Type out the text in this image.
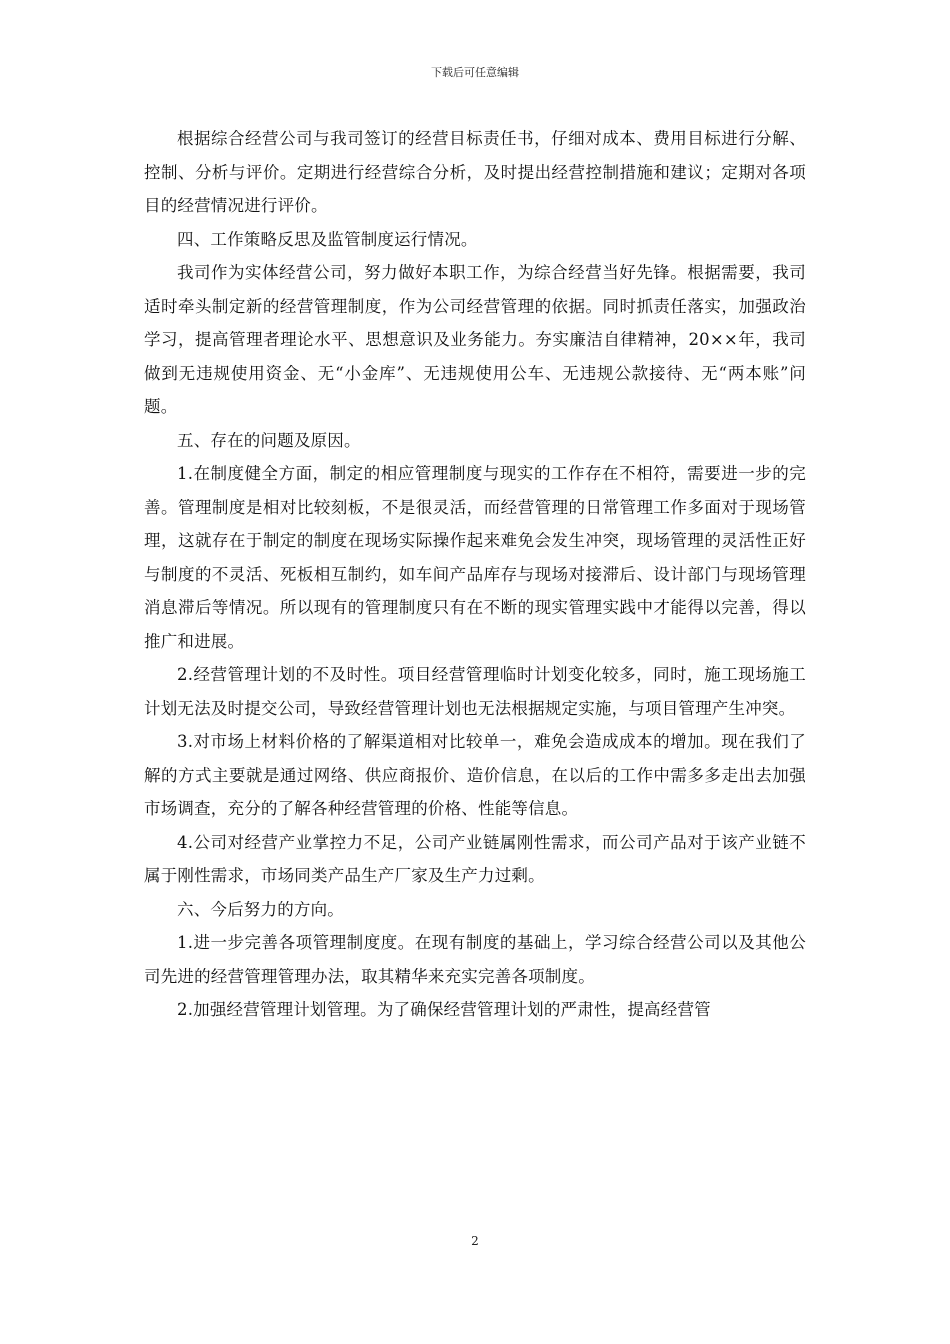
下载后可任意编辑

根据综合经营公司与我司签订的经营目标责任书，仔细对成本、费用目标进行分解、控制、分析与评价。定期进行经营综合分析，及时提出经营控制措施和建议；定期对各项目的经营情况进行评价。

四、工作策略反思及监管制度运行情况。

我司作为实体经营公司，努力做好本职工作，为综合经营当好先锋。根据需要，我司适时牵头制定新的经营管理制度，作为公司经营管理的依据。同时抓责任落实，加强政治学习，提高管理者理论水平、思想意识及业务能力。夯实廉洁自律精神，20××年，我司做到无违规使用资金、无“小金库”、无违规使用公车、无违规公款接待、无“两本账”问题。

五、存在的问题及原因。

1.在制度健全方面，制定的相应管理制度与现实的工作存在不相符，需要进一步的完善。管理制度是相对比较刻板，不是很灵活，而经营管理的日常管理工作多面对于现场管理，这就存在于制定的制度在现场实际操作起来难免会发生冲突，现场管理的灵活性正好与制度的不灵活、死板相互制约，如车间产品库存与现场对接滞后、设计部门与现场管理消息滞后等情况。所以现有的管理制度只有在不断的现实管理实践中才能得以完善，得以推广和进展。

2.经营管理计划的不及时性。项目经营管理临时计划变化较多，同时，施工现场施工计划无法及时提交公司，导致经营管理计划也无法根据规定实施，与项目管理产生冲突。

3.对市场上材料价格的了解渠道相对比较单一，难免会造成成本的增加。现在我们了解的方式主要就是通过网络、供应商报价、造价信息，在以后的工作中需多多走出去加强市场调查，充分的了解各种经营管理的价格、性能等信息。

4.公司对经营产业掌控力不足，公司产业链属刚性需求，而公司产品对于该产业链不属于刚性需求，市场同类产品生产厂家及生产力过剩。

六、今后努力的方向。

1.进一步完善各项管理制度度。在现有制度的基础上，学习综合经营公司以及其他公司先进的经营管理管理办法，取其精华来充实完善各项制度。

2.加强经营管理计划管理。为了确保经营管理计划的严肃性，提高经营管

2
